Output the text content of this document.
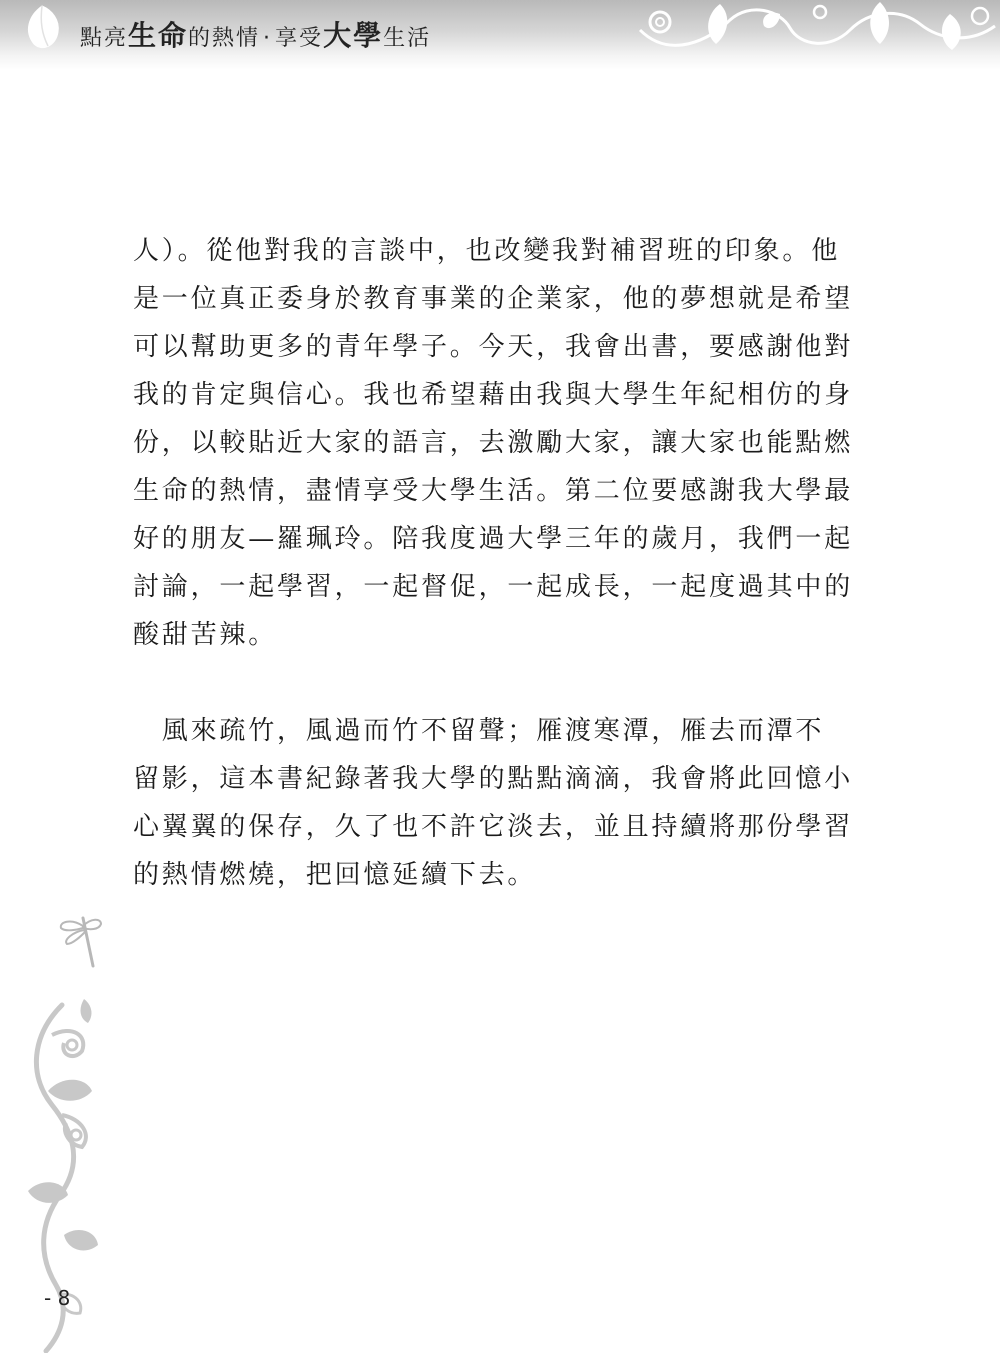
點亮生命的熱情 · 享受大學生活

人）。從他對我的言談中，也改變我對補習班的印象。他

是一位真正委身於教育事業的企業家，他的夢想就是希望

可以幫助更多的青年學子。今天，我會出書，要感謝他對

我的肯定與信心。我也希望藉由我與大學生年紀相仿的身

份，以較貼近大家的語言，去激勵大家，讓大家也能點燃

生命的熱情，盡情享受大學生活。第二位要感謝我大學最

好的朋友—羅珮玲。陪我度過大學三年的歲月，我們一起

討論，一起學習，一起督促，一起成長，一起度過其中的

酸甜苦辣。

　風來疏竹，風過而竹不留聲；雁渡寒潭，雁去而潭不

留影，這本書紀錄著我大學的點點滴滴，我會將此回憶小

心翼翼的保存，久了也不許它淡去，並且持續將那份學習

的熱情燃燒，把回憶延續下去。

- 8
